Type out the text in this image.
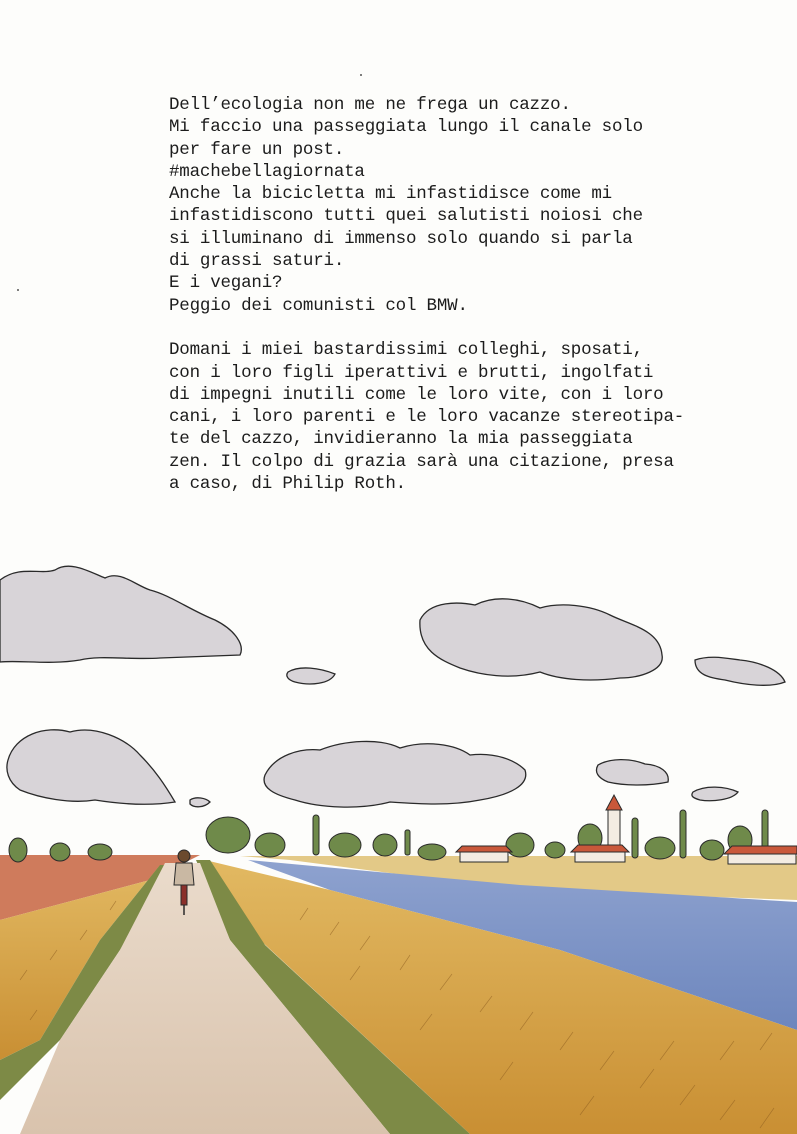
Dell’ecologia non me ne frega un cazzo.
Mi faccio una passeggiata lungo il canale solo
per fare un post.
#machebellagiornata
Anche la bicicletta mi infastidisce come mi
infastidiscono tutti quei salutisti noiosi che
si illuminano di immenso solo quando si parla
di grassi saturi.
E i vegani?
Peggio dei comunisti col BMW.
Domani i miei bastardissimi colleghi, sposati,
con i loro figli iperattivi e brutti, ingolfati
di impegni inutili come le loro vite, con i loro
cani, i loro parenti e le loro vacanze stereotipa-
te del cazzo, invidieranno la mia passeggiata
zen. Il colpo di grazia sarà una citazione, presa
a caso, di Philip Roth.
